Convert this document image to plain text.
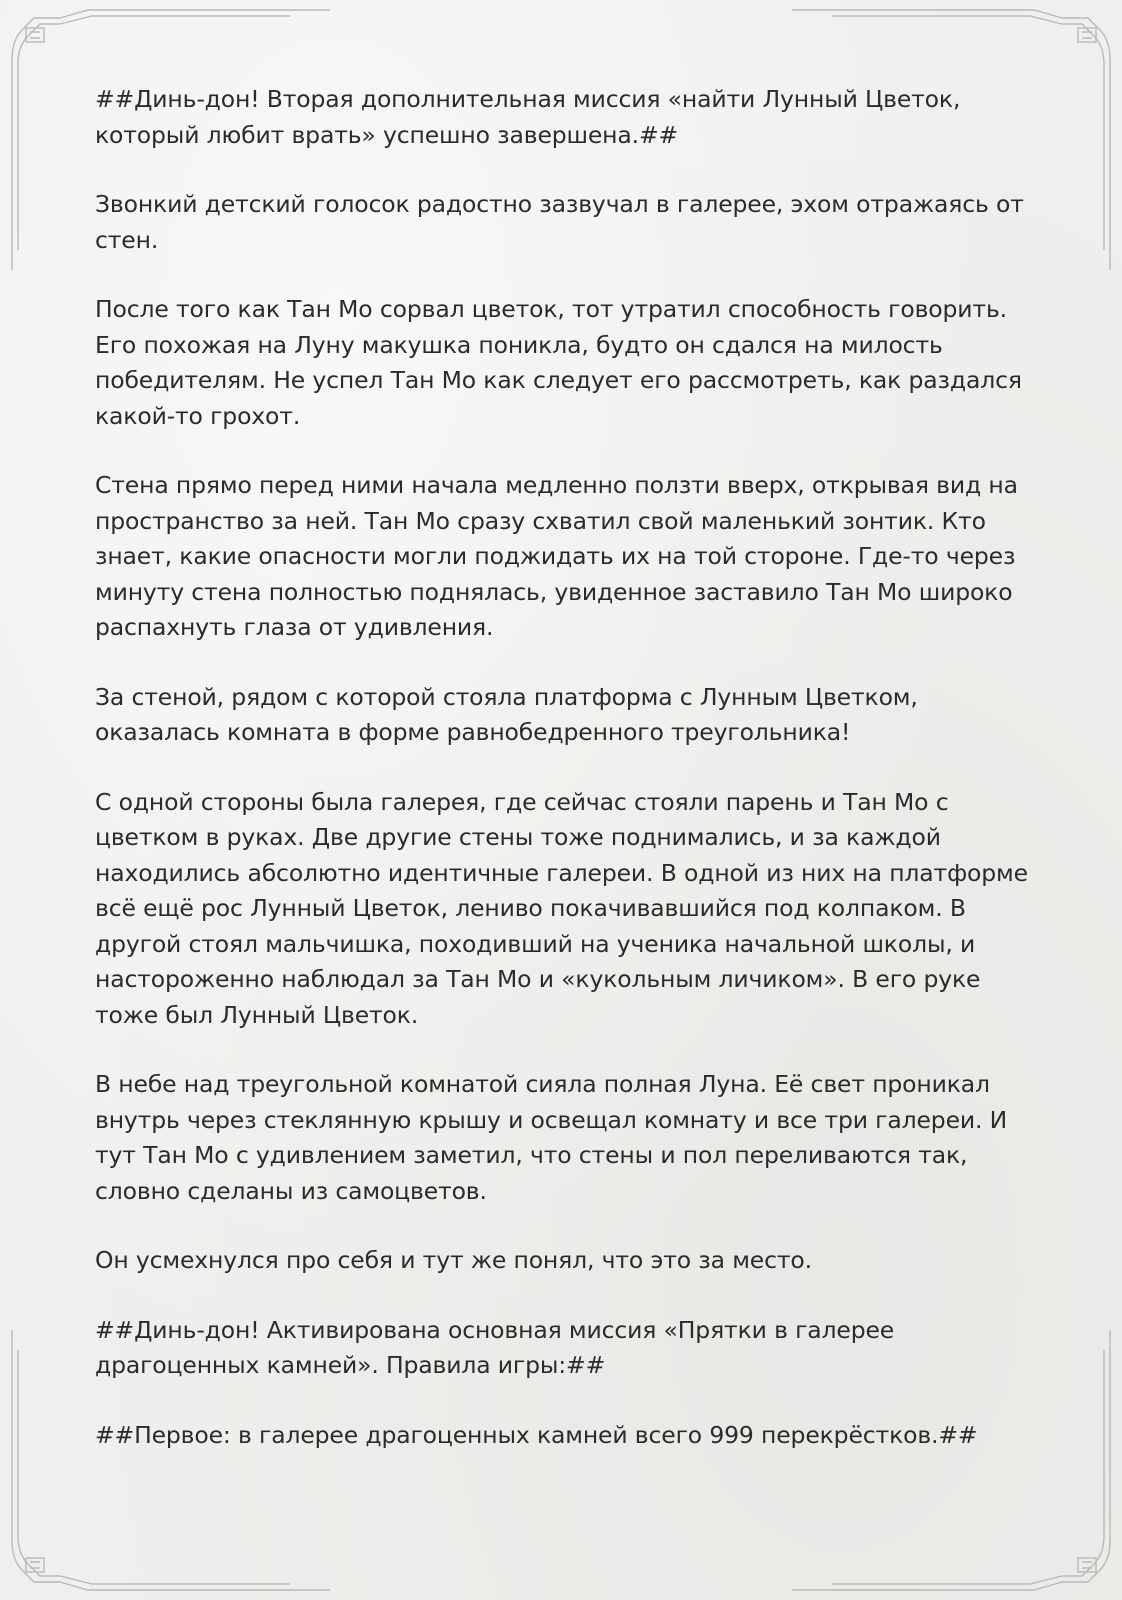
##Динь-дон! Вторая дополнительная миссия «найти Лунный Цветок, который любит врать» успешно завершена.##

Звонкий детский голосок радостно зазвучал в галерее, эхом отражаясь от стен.

После того как Тан Мо сорвал цветок, тот утратил способность говорить. Его похожая на Луну макушка поникла, будто он сдался на милость победителям. Не успел Тан Мо как следует его рассмотреть, как раздался какой-то грохот.

Стена прямо перед ними начала медленно ползти вверх, открывая вид на пространство за ней. Тан Мо сразу схватил свой маленький зонтик. Кто знает, какие опасности могли поджидать их на той стороне. Где-то через минуту стена полностью поднялась, увиденное заставило Тан Мо широко распахнуть глаза от удивления.

За стеной, рядом с которой стояла платформа с Лунным Цветком, оказалась комната в форме равнобедренного треугольника!

С одной стороны была галерея, где сейчас стояли парень и Тан Мо с цветком в руках. Две другие стены тоже поднимались, и за каждой находились абсолютно идентичные галереи. В одной из них на платформе всё ещё рос Лунный Цветок, лениво покачивавшийся под колпаком. В другой стоял мальчишка, походивший на ученика начальной школы, и настороженно наблюдал за Тан Мо и «кукольным личиком». В его руке тоже был Лунный Цветок.

В небе над треугольной комнатой сияла полная Луна. Её свет проникал внутрь через стеклянную крышу и освещал комнату и все три галереи. И тут Тан Мо с удивлением заметил, что стены и пол переливаются так, словно сделаны из самоцветов.

Он усмехнулся про себя и тут же понял, что это за место.

##Динь-дон! Активирована основная миссия «Прятки в галерее драгоценных камней». Правила игры:##

##Первое: в галерее драгоценных камней всего 999 перекрёстков.##
